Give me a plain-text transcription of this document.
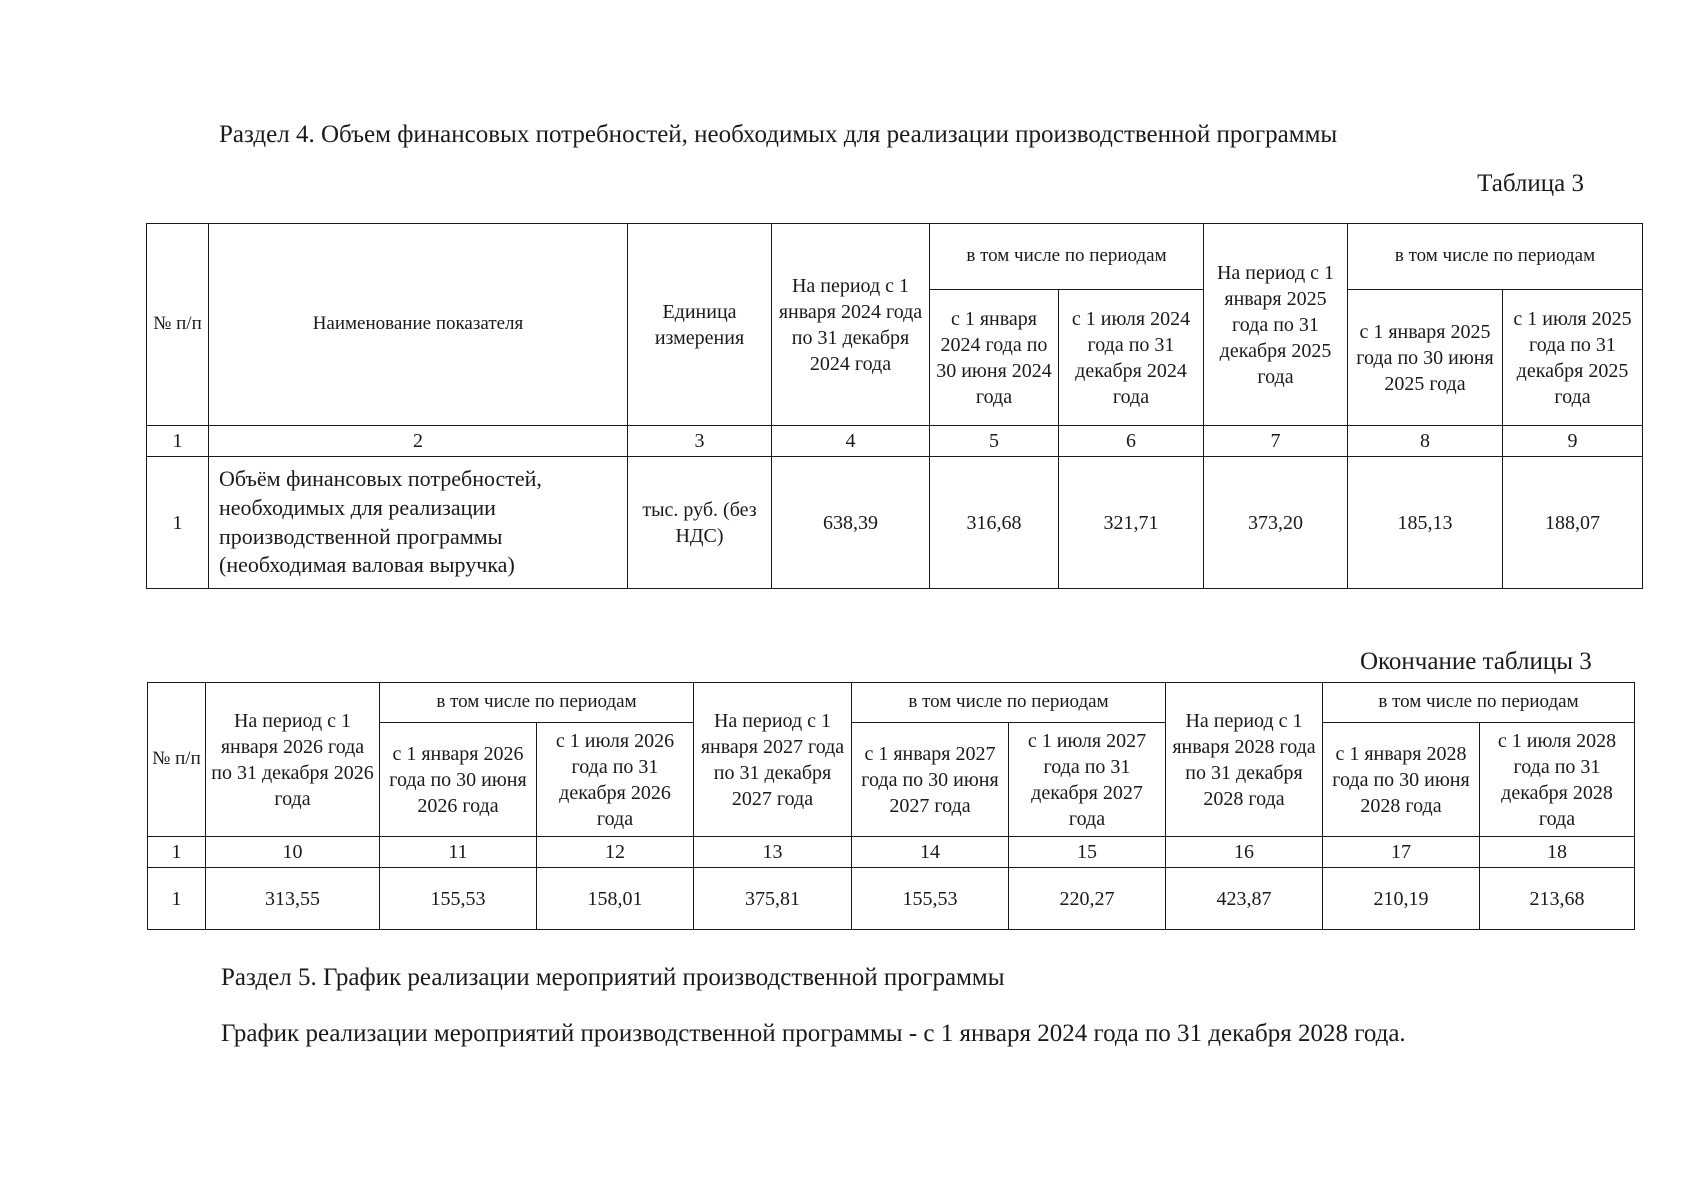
Раздел 4. Объем финансовых потребностей, необходимых для реализации производственной программы
Таблица 3
№ п/п	Наименование показателя	Единица измерения	На период с 1 января 2024 года по 31 декабря 2024 года	в том числе по периодам		На период с 1 января 2025 года по 31 декабря 2025 года	в том числе по периодам	
				с 1 января 2024 года по 30 июня 2024 года	с 1 июля 2024 года по 31 декабря 2024 года		с 1 января 2025 года по 30 июня 2025 года	с 1 июля 2025 года по 31 декабря 2025 года
1	2	3	4	5	6	7	8	9
1	Объём финансовых потребностей, необходимых для реализации производственной программы (необходимая валовая выручка)	тыс. руб. (без НДС)	638,39	316,68	321,71	373,20	185,13	188,07
Окончание таблицы 3
№ п/п	На период с 1 января 2026 года по 31 декабря 2026 года	в том числе по периодам		На период с 1 января 2027 года по 31 декабря 2027 года	в том числе по периодам		На период с 1 января 2028 года по 31 декабря 2028 года	в том числе по периодам	
		с 1 января 2026 года по 30 июня 2026 года	с 1 июля 2026 года по 31 декабря 2026 года		с 1 января 2027 года по 30 июня 2027 года	с 1 июля 2027 года по 31 декабря 2027 года		с 1 января 2028 года по 30 июня 2028 года	с 1 июля 2028 года по 31 декабря 2028 года
1	10	11	12	13	14	15	16	17	18
1	313,55	155,53	158,01	375,81	155,53	220,27	423,87	210,19	213,68
Раздел 5. График реализации мероприятий производственной программы
График реализации мероприятий производственной программы - с 1 января 2024 года по 31 декабря 2028 года.
